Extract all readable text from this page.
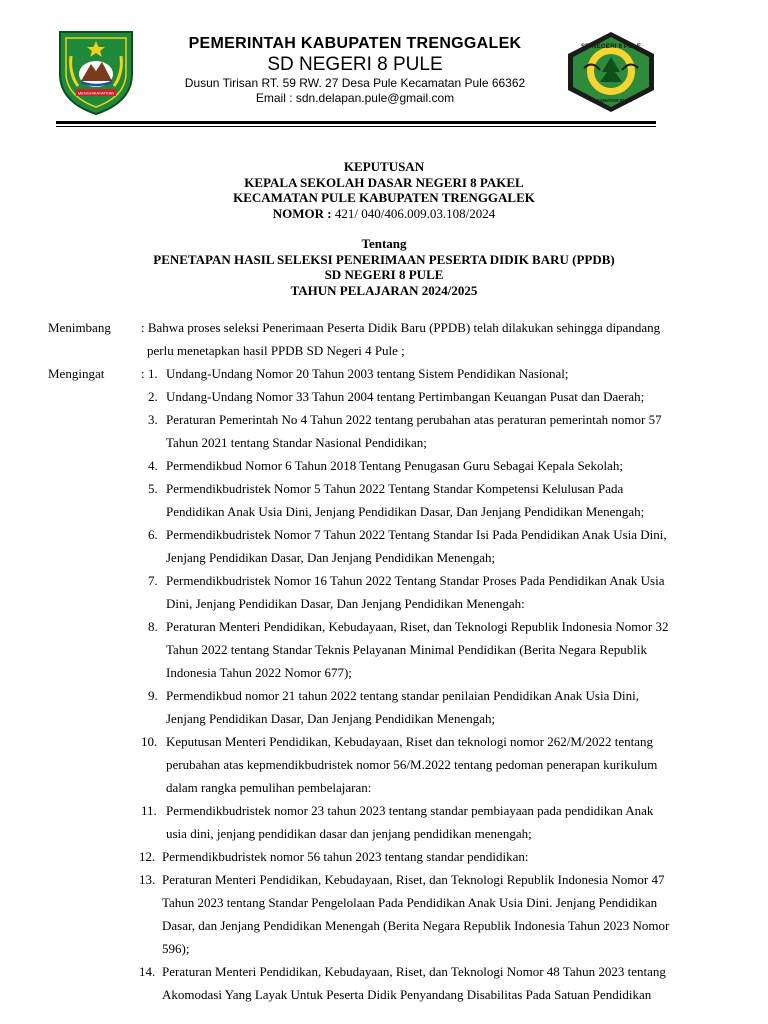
MENGHIKAYATKAN
PEMERINTAH KABUPATEN TRENGGALEK
SD NEGERI 8 PULE
Dusun Tirisan RT. 59 RW. 27 Desa Pule Kecamatan Pule 66362
Email : sdn.delapan.pule@gmail.com
SD NEGERI 8 PULE
KECAMATAN PULE
KEPUTUSAN
KEPALA SEKOLAH DASAR NEGERI 8 PAKEL
KECAMATAN PULE KABUPATEN TRENGGALEK
NOMOR : 421/ 040/406.009.03.108/2024
Tentang
PENETAPAN HASIL SELEKSI PENERIMAAN PESERTA DIDIK BARU (PPDB)
SD NEGERI 8 PULE
TAHUN PELAJARAN 2024/2025
Menimbang : Bahwa proses seleksi Penerimaan Peserta Didik Baru (PPDB) telah dilakukan sehingga dipandang
perlu menetapkan hasil PPDB SD Negeri 4 Pule ;
Mengingat	: 1. Undang-Undang Nomor 20 Tahun 2003 tentang Sistem Pendidikan Nasional;
2. Undang-Undang Nomor 33 Tahun 2004 tentang Pertimbangan Keuangan Pusat dan Daerah;
3. Peraturan Pemerintah No 4 Tahun 2022 tentang perubahan atas peraturan pemerintah nomor 57
Tahun 2021 tentang Standar Nasional Pendidikan;
4. Permendikbud Nomor 6 Tahun 2018 Tentang Penugasan Guru Sebagai Kepala Sekolah;
5. Permendikbudristek Nomor 5 Tahun 2022 Tentang Standar Kompetensi Kelulusan Pada
Pendidikan Anak Usia Dini, Jenjang Pendidikan Dasar, Dan Jenjang Pendidikan Menengah;
6. Permendikbudristek Nomor 7 Tahun 2022 Tentang Standar Isi Pada Pendidikan Anak Usia Dini,
Jenjang Pendidikan Dasar, Dan Jenjang Pendidikan Menengah;
7. Permendikbudristek Nomor 16 Tahun 2022 Tentang Standar Proses Pada Pendidikan Anak Usia
Dini, Jenjang Pendidikan Dasar, Dan Jenjang Pendidikan Menengah:
8. Peraturan Menteri Pendidikan, Kebudayaan, Riset, dan Teknologi Republik Indonesia Nomor 32
Tahun 2022 tentang Standar Teknis Pelayanan Minimal Pendidikan (Berita Negara Republik
Indonesia Tahun 2022 Nomor 677);
9. Permendikbud nomor 21 tahun 2022 tentang standar penilaian Pendidikan Anak Usia Dini,
Jenjang Pendidikan Dasar, Dan Jenjang Pendidikan Menengah;
10. Keputusan Menteri Pendidikan, Kebudayaan, Riset dan teknologi nomor 262/M/2022 tentang
perubahan atas kepmendikbudristek nomor 56/M.2022 tentang pedoman penerapan kurikulum
dalam rangka pemulihan pembelajaran:
11. Permendikbudristek nomor 23 tahun 2023 tentang standar pembiayaan pada pendidikan Anak
usia dini, jenjang pendidikan dasar dan jenjang pendidikan menengah;
12. Permendikbudristek nomor 56 tahun 2023 tentang standar pendidikan:
13. Peraturan Menteri Pendidikan, Kebudayaan, Riset, dan Teknologi Republik Indonesia Nomor 47
Tahun 2023 tentang Standar Pengelolaan Pada Pendidikan Anak Usia Dini. Jenjang Pendidikan
Dasar, dan Jenjang Pendidikan Menengah (Berita Negara Republik Indonesia Tahun 2023 Nomor
596);
14. Peraturan Menteri Pendidikan, Kebudayaan, Riset, dan Teknologi Nomor 48 Tahun 2023 tentang
Akomodasi Yang Layak Untuk Peserta Didik Penyandang Disabilitas Pada Satuan Pendidikan
